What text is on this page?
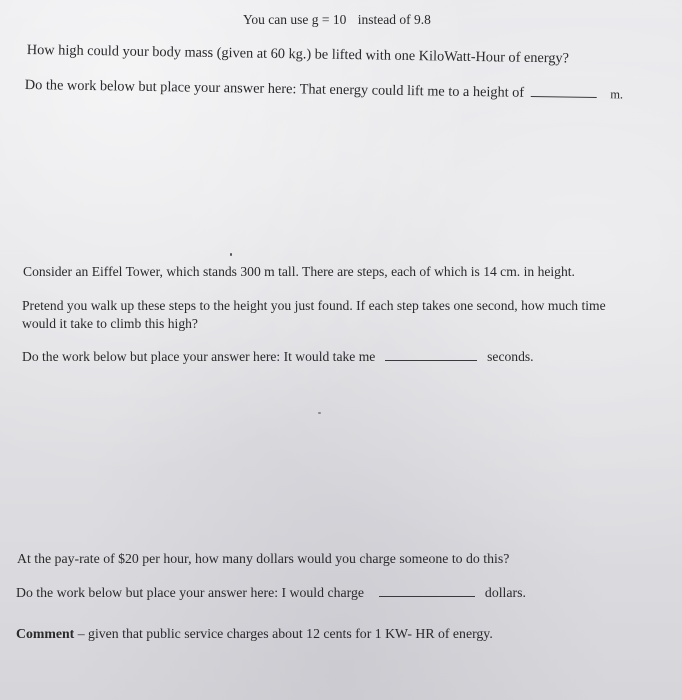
You can use g = 10 instead of 9.8
How high could your body mass (given at 60 kg.) be lifted with one KiloWatt-Hour of energy?
Do the work below but place your answer here: That energy could lift me to a height of	m.
Consider an Eiffel Tower, which stands 300 m tall. There are steps, each of which is 14 cm. in height.
Pretend you walk up these steps to the height you just found. If each step takes one second, how much time
would it take to climb this high?
Do the work below but place your answer here: It would take me	seconds.
At the pay-rate of $20 per hour, how many dollars would you charge someone to do this?
Do the work below but place your answer here: I would charge	dollars.
Comment – given that public service charges about 12 cents for 1 KW- HR of energy.
